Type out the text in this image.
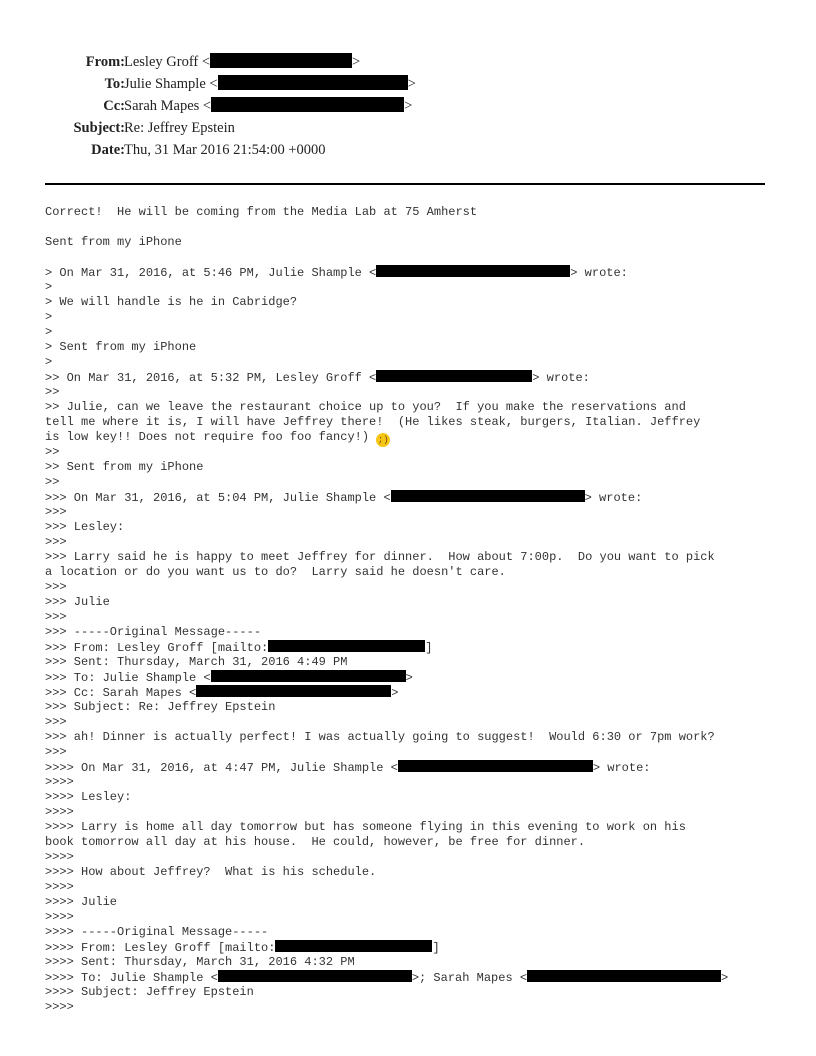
From: Lesley Groff <	>
To: Julie Shample <	>
Cc: Sarah Mapes <	>
Subject: Re: Jeffrey Epstein
Date: Thu, 31 Mar 2016 21:54:00 +0000
Correct!  He will be coming from the Media Lab at 75 Amherst
Sent from my iPhone
> On Mar 31, 2016, at 5:46 PM, Julie Shample <	> wrote:
>
> We will handle is he in Cabridge?
>
>
> Sent from my iPhone
>
>> On Mar 31, 2016, at 5:32 PM, Lesley Groff <	> wrote:
>>
>> Julie, can we leave the restaurant choice up to you?  If you make the reservations and
tell me where it is, I will have Jeffrey there!  (He likes steak, burgers, Italian. Jeffrey
is low key!! Does not require foo foo fancy!) ;)
>>
>> Sent from my iPhone
>>
>>> On Mar 31, 2016, at 5:04 PM, Julie Shample <	> wrote:
>>>
>>> Lesley:
>>>
>>> Larry said he is happy to meet Jeffrey for dinner.  How about 7:00p.  Do you want to pick
a location or do you want us to do?  Larry said he doesn't care.
>>>
>>> Julie
>>>
>>> -----Original Message-----
>>> From: Lesley Groff [mailto:	]
>>> Sent: Thursday, March 31, 2016 4:49 PM
>>> To: Julie Shample <	>
>>> Cc: Sarah Mapes <	>
>>> Subject: Re: Jeffrey Epstein
>>>
>>> ah! Dinner is actually perfect! I was actually going to suggest!  Would 6:30 or 7pm work?
>>>
>>>> On Mar 31, 2016, at 4:47 PM, Julie Shample <	> wrote:
>>>>
>>>> Lesley:
>>>>
>>>> Larry is home all day tomorrow but has someone flying in this evening to work on his
book tomorrow all day at his house.  He could, however, be free for dinner.
>>>>
>>>> How about Jeffrey?  What is his schedule.
>>>>
>>>> Julie
>>>>
>>>> -----Original Message-----
>>>> From: Lesley Groff [mailto:	]
>>>> Sent: Thursday, March 31, 2016 4:32 PM
>>>> To: Julie Shample <	>; Sarah Mapes <	>
>>>> Subject: Jeffrey Epstein
>>>>
